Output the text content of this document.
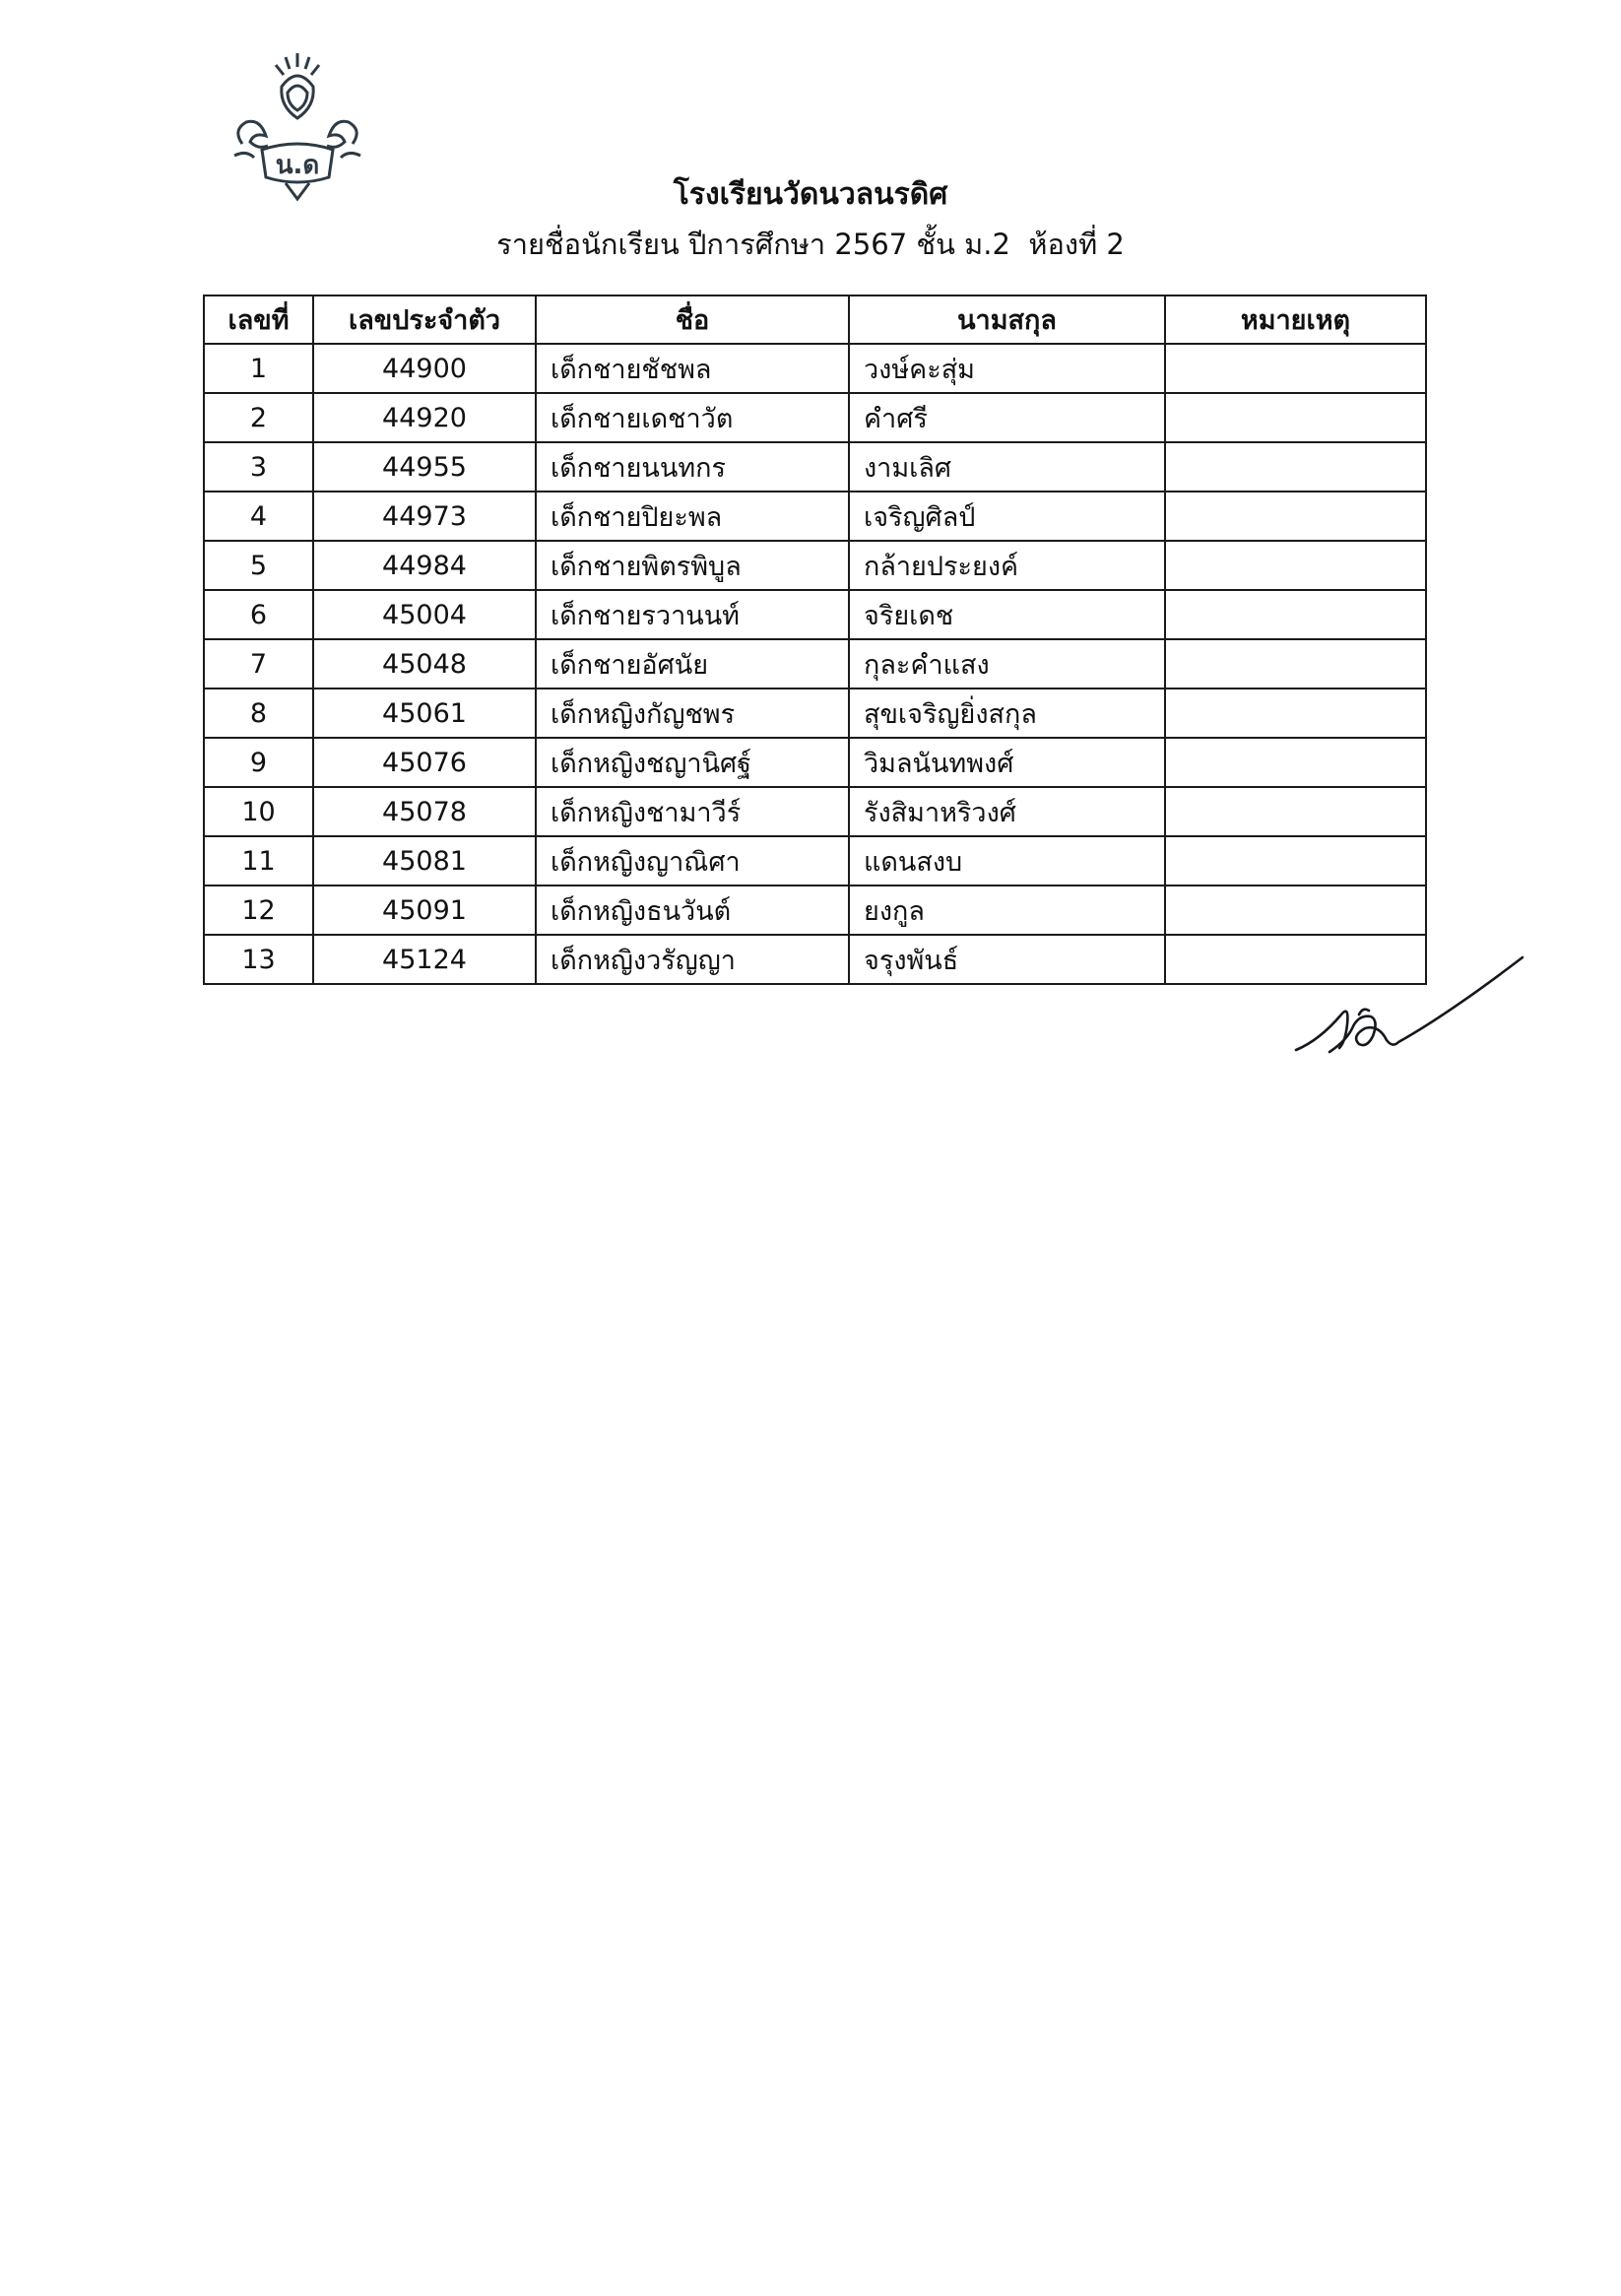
น.ด
โรงเรียนวัดนวลนรดิศ
รายชื่อนักเรียน ปีการศึกษา 2567 ชั้น ม.2 ห้องที่ 2
เลขที่	เลขประจำตัว	ชื่อ	นามสกุล	หมายเหตุ
1	44900	เด็กชายชัชพล	วงษ์คะสุ่ม	
2	44920	เด็กชายเดชาวัต	คำศรี	
3	44955	เด็กชายนนทกร	งามเลิศ	
4	44973	เด็กชายปิยะพล	เจริญศิลป์	
5	44984	เด็กชายพิตรพิบูล	กล้ายประยงค์	
6	45004	เด็กชายรวานนท์	จริยเดช	
7	45048	เด็กชายอัศนัย	กุละคำแสง	
8	45061	เด็กหญิงกัญชพร	สุขเจริญยิ่งสกุล	
9	45076	เด็กหญิงชญานิศฐ์	วิมลนันทพงศ์	
10	45078	เด็กหญิงชามาวีร์	รังสิมาหริวงศ์	
11	45081	เด็กหญิงญาณิศา	แดนสงบ	
12	45091	เด็กหญิงธนวันต์	ยงกูล	
13	45124	เด็กหญิงวรัญญา	จรุงพันธ์	
